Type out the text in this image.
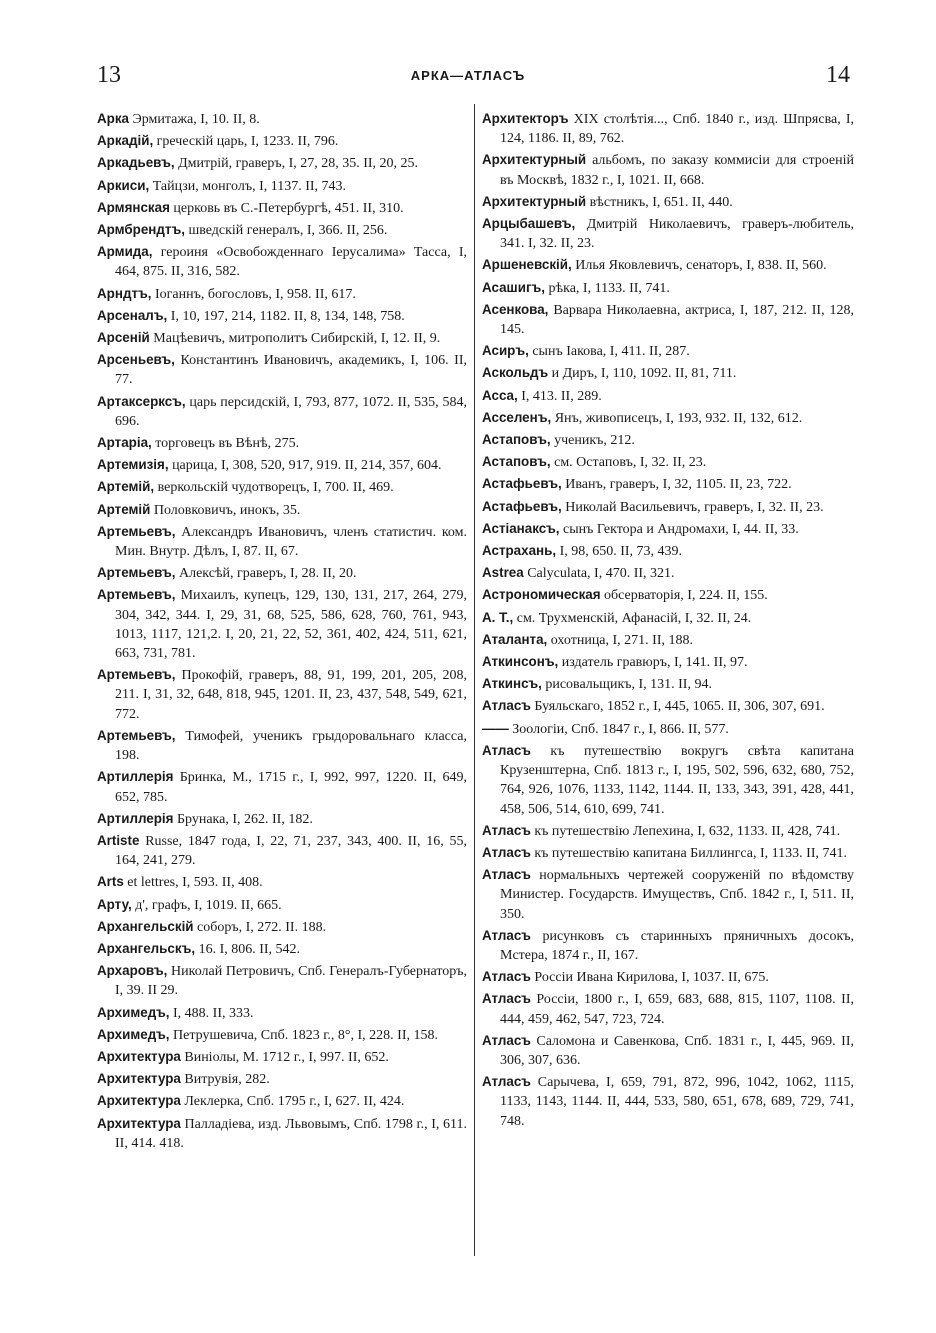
13	АРКА—АТЛАСЪ	14

Арка Эрмитажа, I, 10. II, 8.

Аркадій, греческій царь, I, 1233. II, 796.

Аркадьевъ, Дмитрій, граверъ, I, 27, 28, 35. II, 20, 25.

Аркиси, Тайцзи, монголъ, I, 1137. II, 743.

Армянская церковь въ С.-Петербургѣ, 451. II, 310.

Армбрендтъ, шведскій генералъ, I, 366. II, 256.

Армида, героиня «Освобожденнаго Іерусалима» Тасса, I, 464, 875. II, 316, 582.

Арндтъ, Іоганнъ, богословъ, I, 958. II, 617.

Арсеналъ, I, 10, 197, 214, 1182. II, 8, 134, 148, 758.

Арсеній Мацѣевичъ, митрополитъ Сибирскій, I, 12. II, 9.

Арсеньевъ, Константинъ Ивановичъ, академикъ, I, 106. II, 77.

Артаксерксъ, царь персидскій, I, 793, 877, 1072. II, 535, 584, 696.

Артаріа, торговецъ въ Вѣнѣ, 275.

Артемизія, царица, I, 308, 520, 917, 919. II, 214, 357, 604.

Артемій, веркольскій чудотворецъ, I, 700. II, 469.

Артемій Половковичъ, инокъ, 35.

Артемьевъ, Александръ Ивановичъ, членъ статистич. ком. Мин. Внутр. Дѣлъ, I, 87. II, 67.

Артемьевъ, Алексѣй, граверъ, I, 28. II, 20.

Артемьевъ, Михаилъ, купецъ, 129, 130, 131, 217, 264, 279, 304, 342, 344. I, 29, 31, 68, 525, 586, 628, 760, 761, 943, 1013, 1117, 121,2. I, 20, 21, 22, 52, 361, 402, 424, 511, 621, 663, 731, 781.

Артемьевъ, Прокофій, граверъ, 88, 91, 199, 201, 205, 208, 211. I, 31, 32, 648, 818, 945, 1201. II, 23, 437, 548, 549, 621, 772.

Артемьевъ, Тимофей, ученикъ грыдоровальнаго класса, 198.

Артиллерія Бринка, М., 1715 г., I, 992, 997, 1220. II, 649, 652, 785.

Артиллерія Брунака, I, 262. II, 182.

Artiste Russe, 1847 года, I, 22, 71, 237, 343, 400. II, 16, 55, 164, 241, 279.

Arts et lettres, I, 593. II, 408.

Арту, д', графъ, I, 1019. II, 665.

Архангельскій соборъ, I, 272. II. 188.

Архангельскъ, 16. I, 806. II, 542.

Архаровъ, Николай Петровичъ, Спб. Генералъ-Губернаторъ, I, 39. II 29.

Архимедъ, I, 488. II, 333.

Архимедъ, Петрушевича, Спб. 1823 г., 8°, I, 228. II, 158.

Архитектура Виніолы, М. 1712 г., I, 997. II, 652.

Архитектура Витрувія, 282.

Архитектура Леклерка, Спб. 1795 г., I, 627. II, 424.

Архитектура Палладіева, изд. Львовымъ, Спб. 1798 г., I, 611. II, 414. 418.

Архитекторъ XIX столѣтія..., Спб. 1840 г., изд. Шпрясва, I, 124, 1186. II, 89, 762.

Архитектурный альбомъ, по заказу коммисіи для строеній въ Москвѣ, 1832 г., I, 1021. II, 668.

Архитектурный вѣстникъ, I, 651. II, 440.

Арцыбашевъ, Дмитрій Николаевичъ, граверъ-любитель, 341. I, 32. II, 23.

Аршеневскій, Илья Яковлевичъ, сенаторъ, I, 838. II, 560.

Асашигъ, рѣка, I, 1133. II, 741.

Асенкова, Варвара Николаевна, актриса, I, 187, 212. II, 128, 145.

Асиръ, сынъ Іакова, I, 411. II, 287.

Аскольдъ и Диръ, I, 110, 1092. II, 81, 711.

Асса, I, 413. II, 289.

Асселенъ, Янъ, живописецъ, I, 193, 932. II, 132, 612.

Астаповъ, ученикъ, 212.

Астаповъ, см. Остаповъ, I, 32. II, 23.

Астафьевъ, Иванъ, граверъ, I, 32, 1105. II, 23, 722.

Астафьевъ, Николай Васильевичъ, граверъ, I, 32. II, 23.

Астіанаксъ, сынъ Гектора и Андромахи, I, 44. II, 33.

Астрахань, I, 98, 650. II, 73, 439.

Astrea Calyculata, I, 470. II, 321.

Астрономическая обсерваторія, I, 224. II, 155.

А. Т., см. Трухменскій, Афанасій, I, 32. II, 24.

Аталанта, охотница, I, 271. II, 188.

Аткинсонъ, издатель гравюръ, I, 141. II, 97.

Аткинсъ, рисовальщикъ, I, 131. II, 94.

Атласъ Буяльскаго, 1852 г., I, 445, 1065. II, 306, 307, 691.

—— Зоологіи, Спб. 1847 г., I, 866. II, 577.

Атласъ къ путешествію вокругъ свѣта капитана Крузенштерна, Спб. 1813 г., I, 195, 502, 596, 632, 680, 752, 764, 926, 1076, 1133, 1142, 1144. II, 133, 343, 391, 428, 441, 458, 506, 514, 610, 699, 741.

Атласъ къ путешествію Лепехина, I, 632, 1133. II, 428, 741.

Атласъ къ путешествію капитана Биллингса, I, 1133. II, 741.

Атласъ нормальныхъ чертежей сооруженій по вѣдомству Министер. Государств. Имуществъ, Спб. 1842 г., I, 511. II, 350.

Атласъ рисунковъ съ старинныхъ пряничныхъ досокъ, Мстера, 1874 г., II, 167.

Атласъ Россіи Ивана Кирилова, I, 1037. II, 675.

Атласъ Россіи, 1800 г., I, 659, 683, 688, 815, 1107, 1108. II, 444, 459, 462, 547, 723, 724.

Атласъ Саломона и Савенкова, Спб. 1831 г., I, 445, 969. II, 306, 307, 636.

Атласъ Сарычева, I, 659, 791, 872, 996, 1042, 1062, 1115, 1133, 1143, 1144. II, 444, 533, 580, 651, 678, 689, 729, 741, 748.
